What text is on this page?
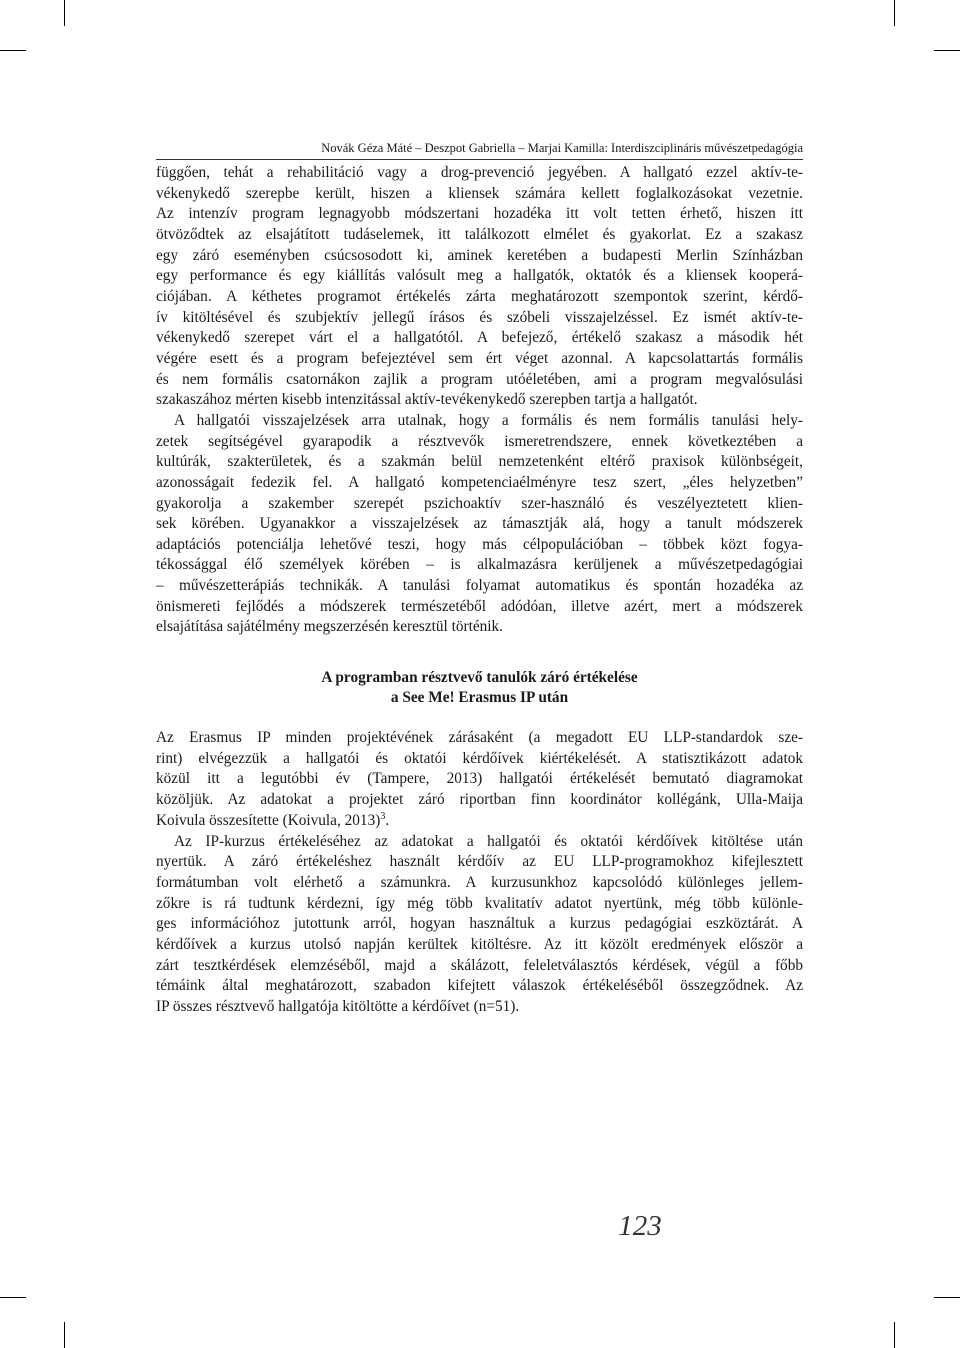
Novák Géza Máté – Deszpot Gabriella – Marjai Kamilla: Interdiszciplináris művészetpedagógia

függően, tehát a rehabilitáció vagy a drog-prevenció jegyében. A hallgató ezzel aktív-te-
vékenykedő szerepbe került, hiszen a kliensek számára kellett foglalkozásokat vezetnie.
Az intenzív program legnagyobb módszertani hozadéka itt volt tetten érhető, hiszen itt
ötvöződtek az elsajátított tudáselemek, itt találkozott elmélet és gyakorlat. Ez a szakasz
egy záró eseményben csúcsosodott ki, aminek keretében a budapesti Merlin Színházban
egy performance és egy kiállítás valósult meg a hallgatók, oktatók és a kliensek kooperá-
ciójában. A kéthetes programot értékelés zárta meghatározott szempontok szerint, kérdő-
ív kitöltésével és szubjektív jellegű írásos és szóbeli visszajelzéssel. Ez ismét aktív-te-
vékenykedő szerepet várt el a hallgatótól. A befejező, értékelő szakasz a második hét
végére esett és a program befejeztével sem ért véget azonnal. A kapcsolattartás formális
és nem formális csatornákon zajlik a program utóéletében, ami a program megvalósulási
szakaszához mérten kisebb intenzitással aktív-tevékenykedő szerepben tartja a hallgatót.

A hallgatói visszajelzések arra utalnak, hogy a formális és nem formális tanulási hely-
zetek segítségével gyarapodik a résztvevők ismeretrendszere, ennek következtében a
kultúrák, szakterületek, és a szakmán belül nemzetenként eltérő praxisok különbségeit,
azonosságait fedezik fel. A hallgató kompetenciaélményre tesz szert, „éles helyzetben”
gyakorolja a szakember szerepét pszichoaktív szer-használó és veszélyeztetett klien-
sek körében. Ugyanakkor a visszajelzések az támasztják alá, hogy a tanult módszerek
adaptációs potenciálja lehetővé teszi, hogy más célpopulációban – többek közt fogya-
tékossággal élő személyek körében – is alkalmazásra kerüljenek a művészetpedagógiai
– művészetterápiás technikák. A tanulási folyamat automatikus és spontán hozadéka az
önismereti fejlődés a módszerek természetéből adódóan, illetve azért, mert a módszerek
elsajátítása sajátélmény megszerzésén keresztül történik.

A programban résztvevő tanulók záró értékelése
a See Me! Erasmus IP után

Az Erasmus IP minden projektévének zárásaként (a megadott EU LLP-standardok sze-
rint) elvégezzük a hallgatói és oktatói kérdőívek kiértékelését. A statisztikázott adatok
közül itt a legutóbbi év (Tampere, 2013) hallgatói értékelését bemutató diagramokat
közöljük. Az adatokat a projektet záró riportban finn koordinátor kollégánk, Ulla-Maija
Koivula összesítette (Koivula, 2013)$^3$.

Az IP-kurzus értékeléséhez az adatokat a hallgatói és oktatói kérdőívek kitöltése után
nyertük. A záró értékeléshez használt kérdőív az EU LLP-programokhoz kifejlesztett
formátumban volt elérhető a számunkra. A kurzusunkhoz kapcsolódó különleges jellem-
zőkre is rá tudtunk kérdezni, így még több kvalitatív adatot nyertünk, még több különle-
ges információhoz jutottunk arról, hogyan használtuk a kurzus pedagógiai eszköztárát. A
kérdőívek a kurzus utolsó napján kerültek kitöltésre. Az itt közölt eredmények először a
zárt tesztkérdések elemzéséből, majd a skálázott, feleletválasztós kérdések, végül a főbb
témáink által meghatározott, szabadon kifejtett válaszok értékeléséből összegződnek. Az
IP összes résztvevő hallgatója kitöltötte a kérdőívet (n=51).

123
